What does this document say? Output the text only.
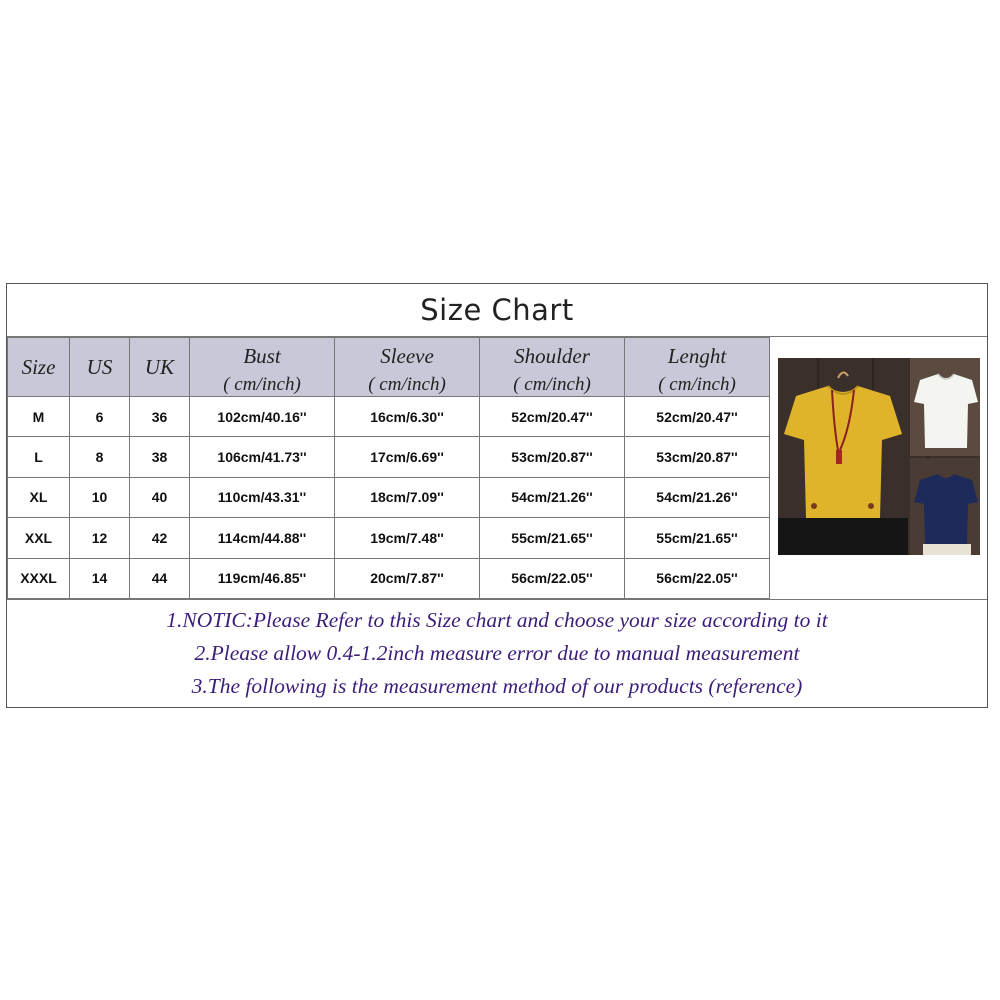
Size Chart
Size	US	UK	Bust	Sleeve	Shoulder	Lenght
			( cm/inch)	( cm/inch)	( cm/inch)	( cm/inch)
M	6	36	102cm/40.16''	16cm/6.30''	52cm/20.47''	52cm/20.47''
L	8	38	106cm/41.73''	17cm/6.69''	53cm/20.87''	53cm/20.87''
XL	10	40	110cm/43.31''	18cm/7.09''	54cm/21.26''	54cm/21.26''
XXL	12	42	114cm/44.88''	19cm/7.48''	55cm/21.65''	55cm/21.65''
XXXL	14	44	119cm/46.85''	20cm/7.87''	56cm/22.05''	56cm/22.05''
1.NOTIC:Please Refer to this Size chart and choose your size according to it
2.Please allow 0.4-1.2inch measure error due to manual measurement
3.The following is the measurement method of our products (reference)
